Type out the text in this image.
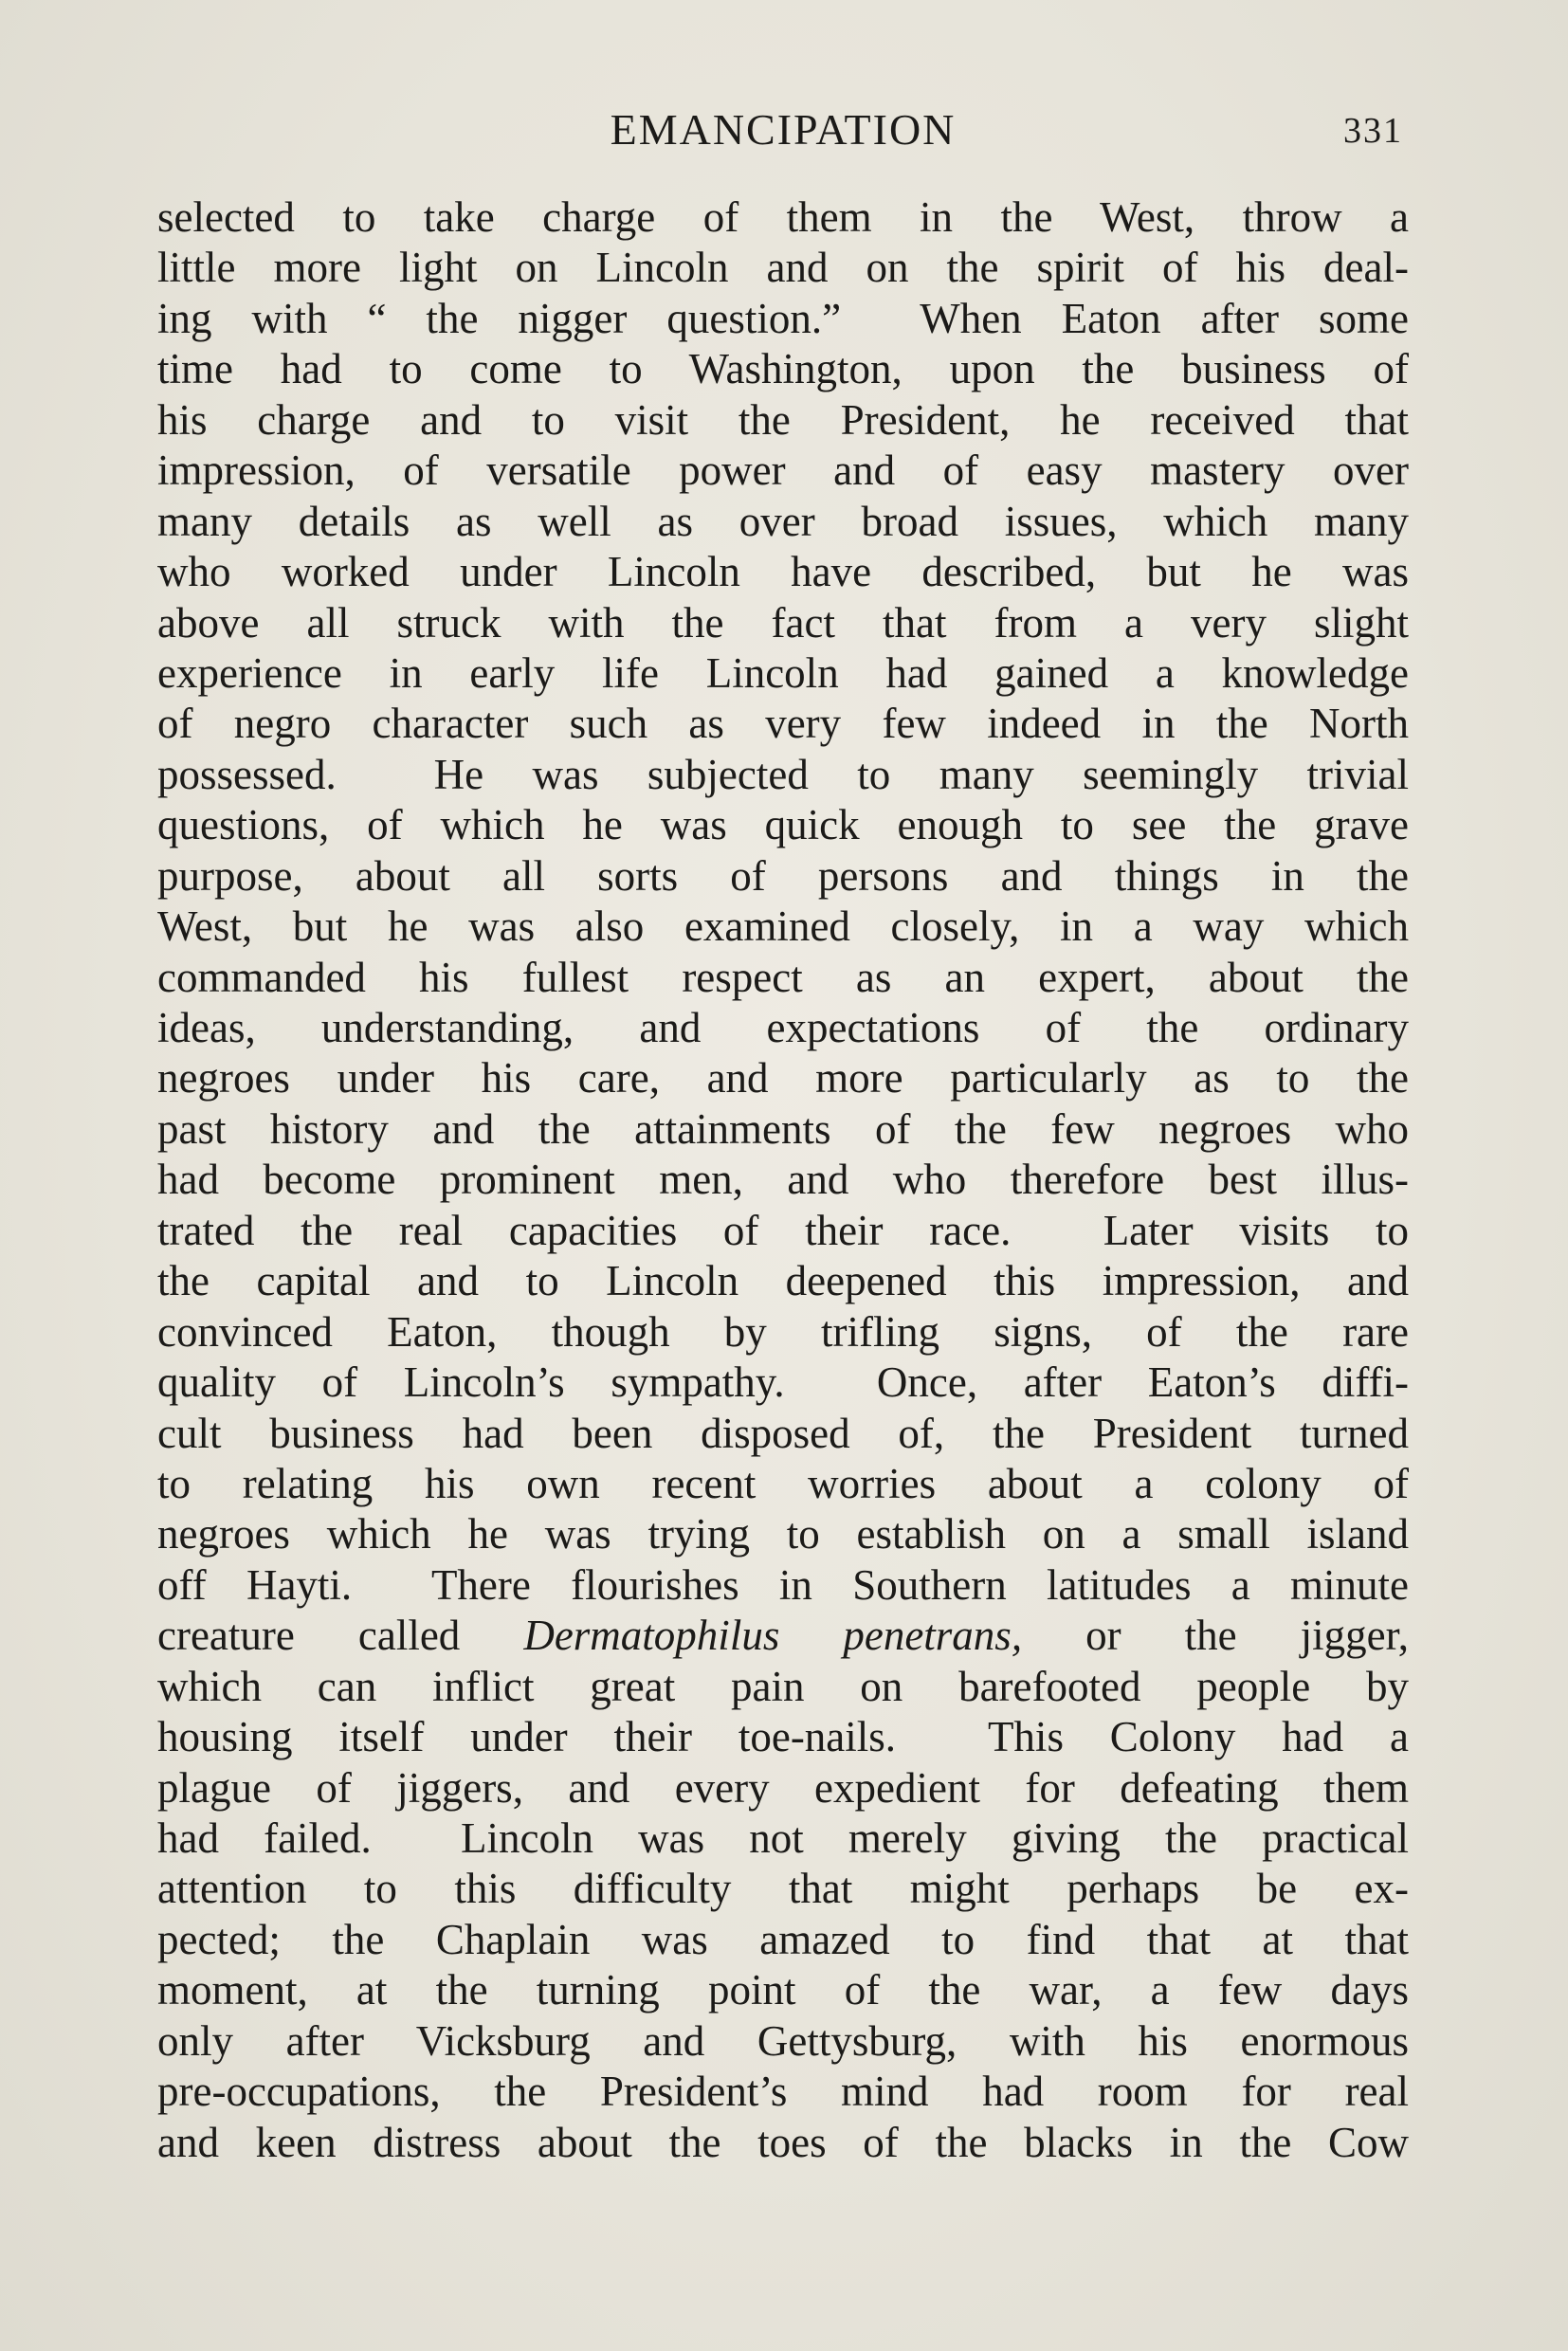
EMANCIPATION	331
selected to take charge of them in the West, throw a
little more light on Lincoln and on the spirit of his deal-
ing with “ the nigger question.”  When Eaton after some
time had to come to Washington, upon the business of
his charge and to visit the President, he received that
impression, of versatile power and of easy mastery over
many details as well as over broad issues, which many
who worked under Lincoln have described, but he was
above all struck with the fact that from a very slight
experience in early life Lincoln had gained a knowledge
of negro character such as very few indeed in the North
possessed.  He was subjected to many seemingly trivial
questions, of which he was quick enough to see the grave
purpose, about all sorts of persons and things in the
West, but he was also examined closely, in a way which
commanded his fullest respect as an expert, about the
ideas, understanding, and expectations of the ordinary
negroes under his care, and more particularly as to the
past history and the attainments of the few negroes who
had become prominent men, and who therefore best illus-
trated the real capacities of their race.  Later visits to
the capital and to Lincoln deepened this impression, and
convinced Eaton, though by trifling signs, of the rare
quality of Lincoln’s sympathy.  Once, after Eaton’s diffi-
cult business had been disposed of, the President turned
to relating his own recent worries about a colony of
negroes which he was trying to establish on a small island
off Hayti.  There flourishes in Southern latitudes a minute
creature called Dermatophilus penetrans, or the jigger,
which can inflict great pain on barefooted people by
housing itself under their toe-nails.  This Colony had a
plague of jiggers, and every expedient for defeating them
had failed.  Lincoln was not merely giving the practical
attention to this difficulty that might perhaps be ex-
pected; the Chaplain was amazed to find that at that
moment, at the turning point of the war, a few days
only after Vicksburg and Gettysburg, with his enormous
pre-occupations, the President’s mind had room for real
and keen distress about the toes of the blacks in the Cow
